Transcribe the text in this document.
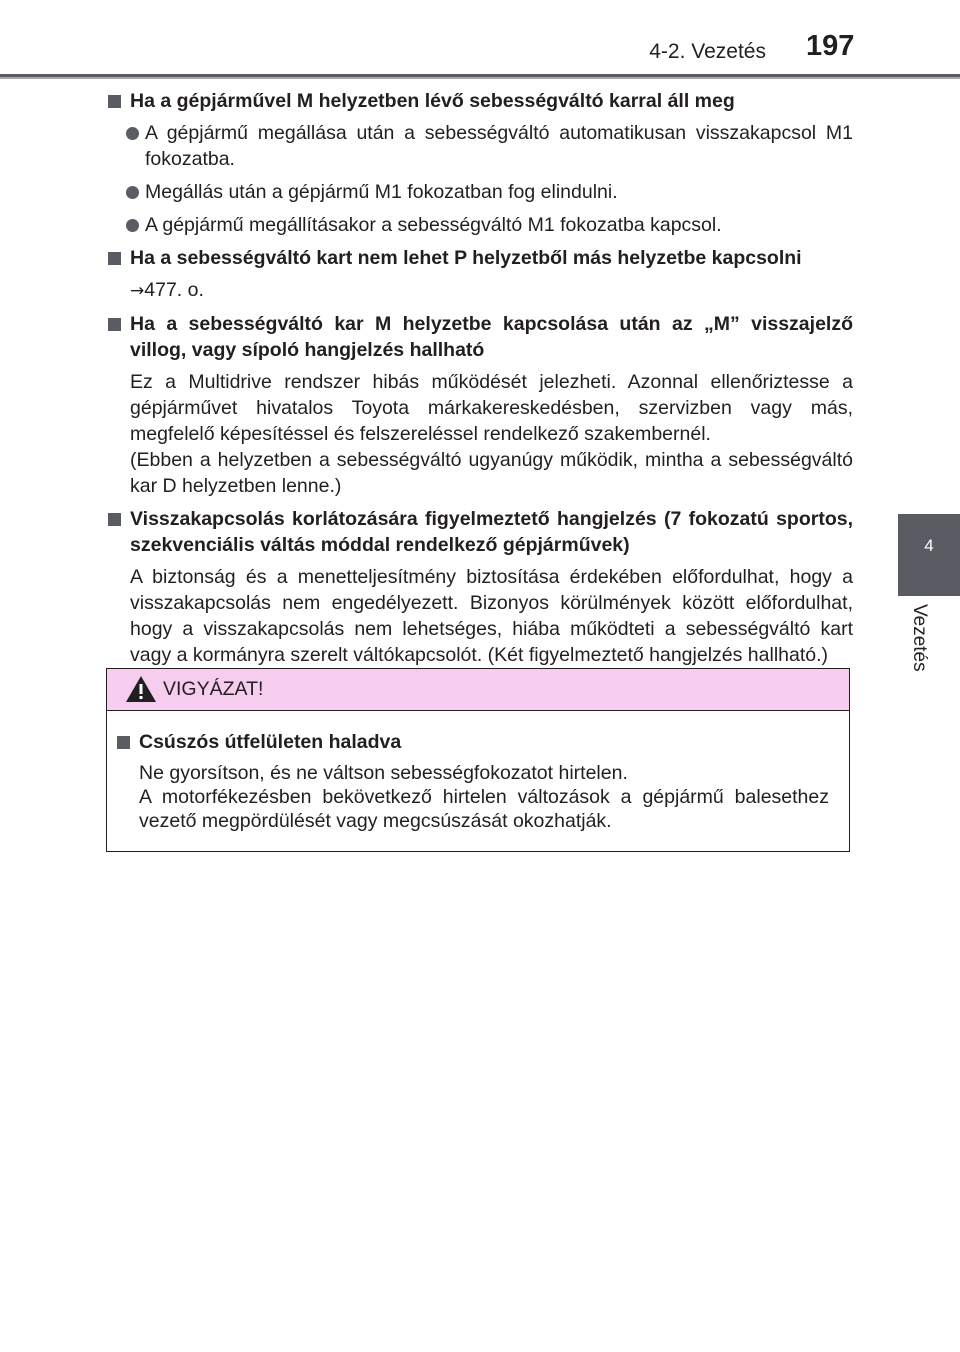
4-2. Vezetés 197
4
Vezetés
Ha a gépjárművel M helyzetben lévő sebességváltó karral áll meg
A gépjármű megállása után a sebességváltó automatikusan visszakapcsol M1 fokozatba.
Megállás után a gépjármű M1 fokozatban fog elindulni.
A gépjármű megállításakor a sebességváltó M1 fokozatba kapcsol.
Ha a sebességváltó kart nem lehet P helyzetből más helyzetbe kapcsolni
→477. o.
Ha a sebességváltó kar M helyzetbe kapcsolása után az „M” visszajelző villog, vagy sípoló hangjelzés hallható
Ez a Multidrive rendszer hibás működését jelezheti. Azonnal ellenőriztesse a gépjárművet hivatalos Toyota márkakereskedésben, szervizben vagy más, megfelelő képesítéssel és felszereléssel rendelkező szakembernél.
(Ebben a helyzetben a sebességváltó ugyanúgy működik, mintha a sebességváltó kar D helyzetben lenne.)
Visszakapcsolás korlátozására figyelmeztető hangjelzés (7 fokozatú sportos, szekvenciális váltás móddal rendelkező gépjárművek)
A biztonság és a menetteljesítmény biztosítása érdekében előfordulhat, hogy a visszakapcsolás nem engedélyezett. Bizonyos körülmények között előfordulhat, hogy a visszakapcsolás nem lehetséges, hiába működteti a sebességváltó kart vagy a kormányra szerelt váltókapcsolót. (Két figyelmeztető hangjelzés hallható.)
VIGYÁZAT!
Csúszós útfelületen haladva
Ne gyorsítson, és ne váltson sebességfokozatot hirtelen.
A motorfékezésben bekövetkező hirtelen változások a gépjármű balesethez vezető megpördülését vagy megcsúszását okozhatják.
